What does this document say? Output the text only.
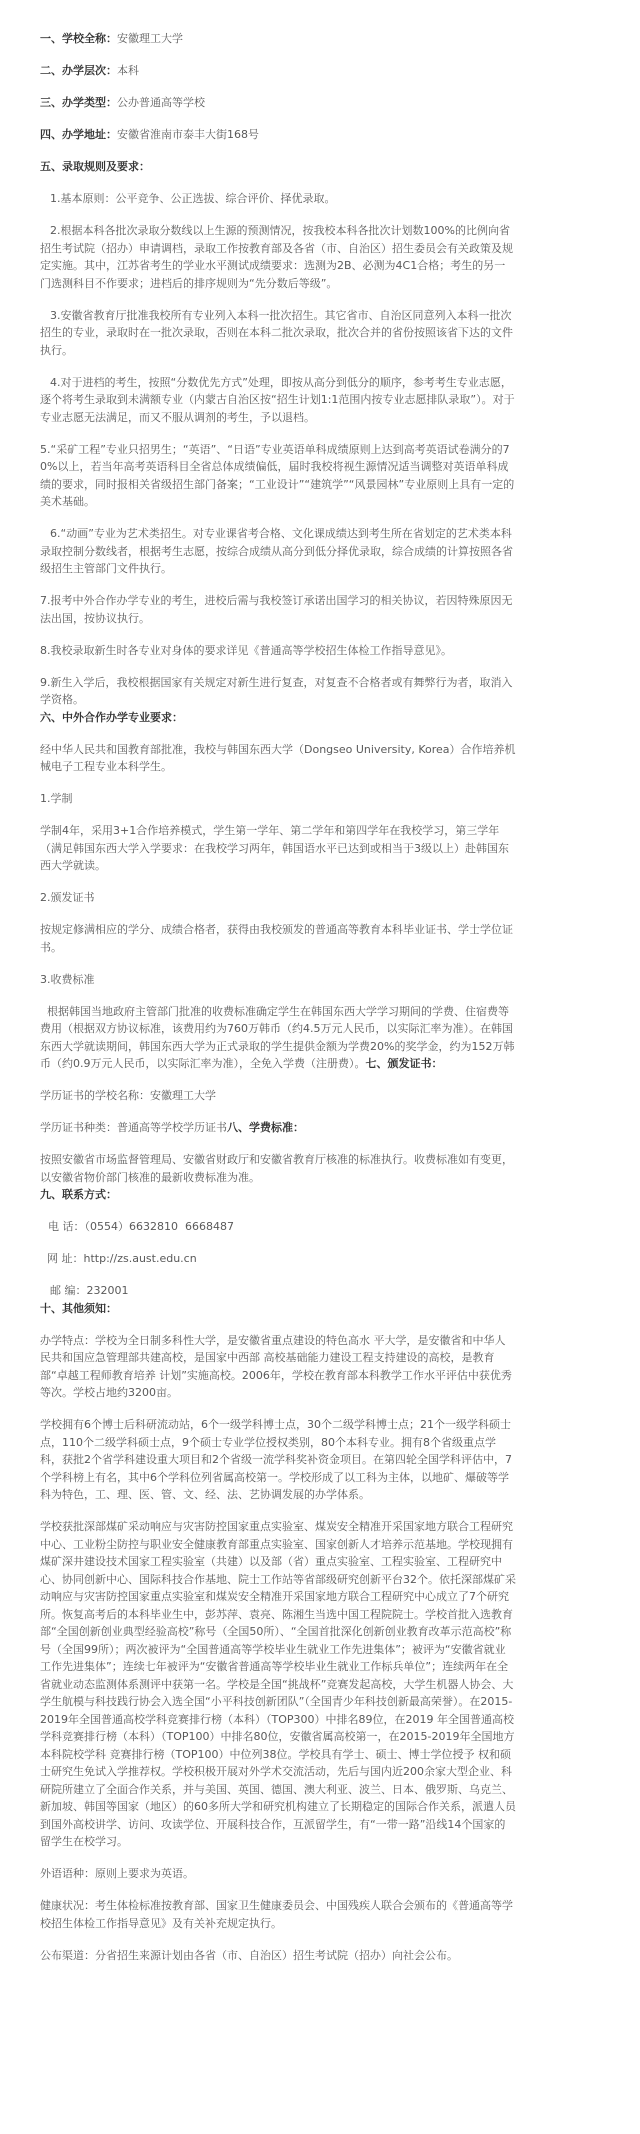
一、学校全称：安徽理工大学

二、办学层次：本科

三、办学类型：公办普通高等学校

四、办学地址：安徽省淮南市泰丰大街168号

五、录取规则及要求：

1.基本原则：公平竞争、公正选拔、综合评价、择优录取。

2.根据本科各批次录取分数线以上生源的预测情况，按我校本科各批次计划数100%的比例向省招生考试院（招办）申请调档，录取工作按教育部及各省（市、自治区）招生委员会有关政策及规定实施。其中，江苏省考生的学业水平测试成绩要求：选测为2B、必测为4C1合格；考生的另一门选测科目不作要求；进档后的排序规则为“先分数后等级”。

3.安徽省教育厅批准我校所有专业列入本科一批次招生。其它省市、自治区同意列入本科一批次招生的专业，录取时在一批次录取，否则在本科二批次录取，批次合并的省份按照该省下达的文件执行。

4.对于进档的考生，按照“分数优先方式”处理，即按从高分到低分的顺序，参考考生专业志愿，逐个将考生录取到未满额专业（内蒙古自治区按“招生计划1:1范围内按专业志愿排队录取”）。对于专业志愿无法满足，而又不服从调剂的考生，予以退档。

5.“采矿工程”专业只招男生；“英语”、“日语”专业英语单科成绩原则上达到高考英语试卷满分的70%以上，若当年高考英语科目全省总体成绩偏低，届时我校将视生源情况适当调整对英语单科成绩的要求，同时报相关省级招生部门备案；“工业设计”“建筑学”“风景园林”专业原则上具有一定的美术基础。

6.“动画”专业为艺术类招生。对专业课省考合格、文化课成绩达到考生所在省划定的艺术类本科录取控制分数线者，根据考生志愿，按综合成绩从高分到低分择优录取，综合成绩的计算按照各省级招生主管部门文件执行。

7.报考中外合作办学专业的考生，进校后需与我校签订承诺出国学习的相关协议，若因特殊原因无法出国，按协议执行。

8.我校录取新生时各专业对身体的要求详见《普通高等学校招生体检工作指导意见》。

9.新生入学后，我校根据国家有关规定对新生进行复查，对复查不合格者或有舞弊行为者，取消入学资格。

六、中外合作办学专业要求：

经中华人民共和国教育部批准，我校与韩国东西大学（Dongseo University, Korea）合作培养机械电子工程专业本科学生。

1.学制

学制4年，采用3+1合作培养模式，学生第一学年、第二学年和第四学年在我校学习，第三学年（满足韩国东西大学入学要求：在我校学习两年，韩国语水平已达到或相当于3级以上）赴韩国东西大学就读。

2.颁发证书

按规定修满相应的学分、成绩合格者，获得由我校颁发的普通高等教育本科毕业证书、学士学位证书。

3.收费标准

根据韩国当地政府主管部门批准的收费标准确定学生在韩国东西大学学习期间的学费、住宿费等费用（根据双方协议标准，该费用约为760万韩币（约4.5万元人民币，以实际汇率为准）。在韩国东西大学就读期间，韩国东西大学为正式录取的学生提供金额为学费20%的奖学金，约为152万韩币（约0.9万元人民币，以实际汇率为准），全免入学费（注册费）。七、颁发证书：

学历证书的学校名称：安徽理工大学

学历证书种类：普通高等学校学历证书八、学费标准：

按照安徽省市场监督管理局、安徽省财政厅和安徽省教育厅核准的标准执行。收费标准如有变更，以安徽省物价部门核准的最新收费标准为准。

九、联系方式：

电 话：（0554）6632810  6668487

网 址：http://zs.aust.edu.cn

邮 编：232001

十、其他须知：

办学特点：学校为全日制多科性大学，是安徽省重点建设的特色高水 平大学，是安徽省和中华人民共和国应急管理部共建高校，是国家中西部 高校基础能力建设工程支持建设的高校，是教育部“卓越工程师教育培养 计划”实施高校。2006年，学校在教育部本科教学工作水平评估中获优秀 等次。学校占地约3200亩。

学校拥有6个博士后科研流动站，6个一级学科博士点，30个二级学科博士点；21个一级学科硕士点，110个二级学科硕士点，9个硕士专业学位授权类别，80个本科专业。拥有8个省级重点学科，获批2个省学科建设重大项目和2个省级一流学科奖补资金项目。在第四轮全国学科评估中，7个学科榜上有名，其中6个学科位列省属高校第一。学校形成了以工科为主体，以地矿、爆破等学科为特色，工、理、医、管、文、经、法、艺协调发展的办学体系。

学校获批深部煤矿采动响应与灾害防控国家重点实验室、煤炭安全精准开采国家地方联合工程研究中心、工业粉尘防控与职业安全健康教育部重点实验室、国家创新人才培养示范基地。学校现拥有煤矿深井建设技术国家工程实验室（共建）以及部（省）重点实验室、工程实验室、工程研究中心、协同创新中心、国际科技合作基地、院士工作站等省部级研究创新平台32个。依托深部煤矿采动响应与灾害防控国家重点实验室和煤炭安全精准开采国家地方联合工程研究中心成立了7个研究所。恢复高考后的本科毕业生中，彭苏萍、袁亮、陈湘生当选中国工程院院士。学校首批入选教育部“全国创新创业典型经验高校”称号（全国50所）、“全国首批深化创新创业教育改革示范高校”称号（全国99所）；两次被评为“全国普通高等学校毕业生就业工作先进集体”；被评为“安徽省就业工作先进集体”；连续七年被评为“安徽省普通高等学校毕业生就业工作标兵单位”；连续两年在全省就业动态监测体系测评中获第一名。学校是全国“挑战杯”竞赛发起高校，大学生机器人协会、大学生航模与科技践行协会入选全国“小平科技创新团队”（全国青少年科技创新最高荣誉）。在2015-2019年全国普通高校学科竞赛排行榜（本科）（TOP300）中排名89位，在2019 年全国普通高校学科竞赛排行榜（本科）（TOP100）中排名80位，安徽省属高校第一，在2015-2019年全国地方本科院校学科 竞赛排行榜（TOP100）中位列38位。学校具有学士、硕士、博士学位授予 权和硕士研究生免试入学推荐权。学校积极开展对外学术交流活动，先后与国内近200余家大型企业、科研院所建立了全面合作关系，并与美国、英国、德国、澳大利亚、波兰、日本、俄罗斯、乌克兰、新加坡、韩国等国家（地区）的60多所大学和研究机构建立了长期稳定的国际合作关系，派遣人员到国外高校讲学、访问、攻读学位、开展科技合作，互派留学生，有“一带一路”沿线14个国家的留学生在校学习。

外语语种：原则上要求为英语。

健康状况：考生体检标准按教育部、国家卫生健康委员会、中国残疾人联合会颁布的《普通高等学校招生体检工作指导意见》及有关补充规定执行。

公布渠道：分省招生来源计划由各省（市、自治区）招生考试院（招办）向社会公布。
